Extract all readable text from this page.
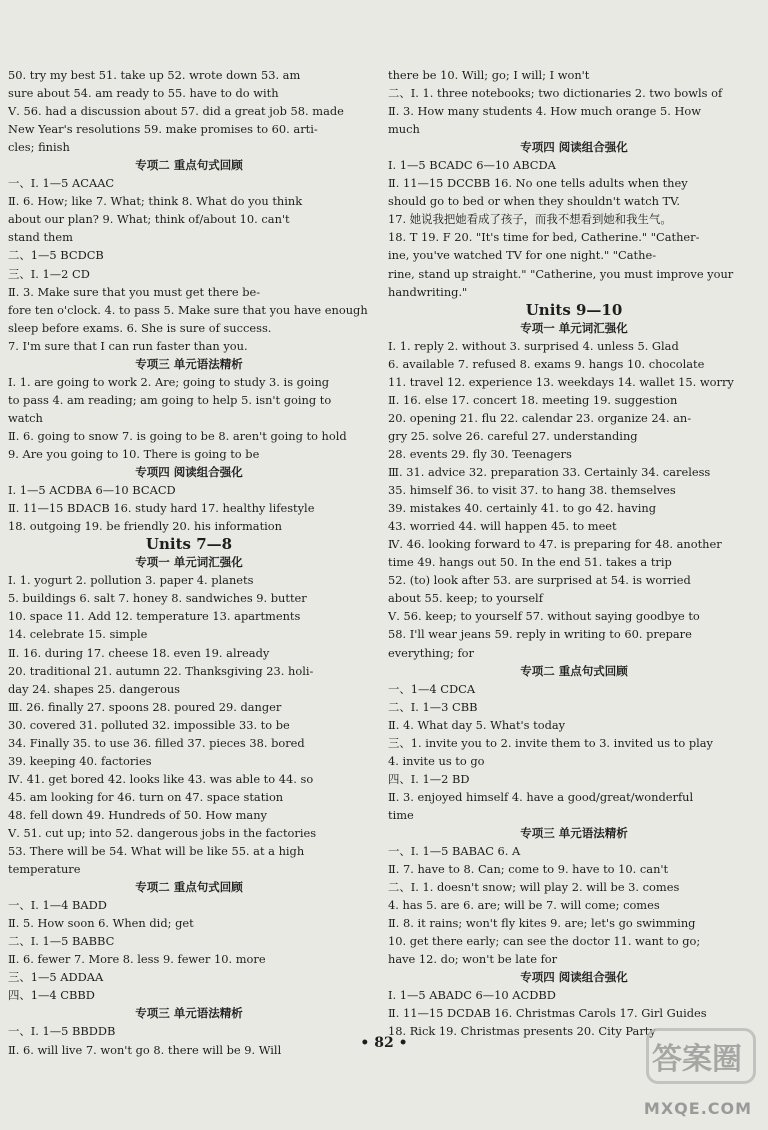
50. try my best 51. take up 52. wrote down 53. am
sure about 54. am ready to 55. have to do with
Ⅴ. 56. had a discussion about 57. did a great job 58. made
New Year's resolutions 59. make promises to 60. arti-
cles; finish
专项二 重点句式回顾
一、Ⅰ. 1—5 ACAAC
Ⅱ. 6. How; like 7. What; think 8. What do you think
about our plan? 9. What; think of/about 10. can't
stand them
二、1—5 BCDCB
三、Ⅰ. 1—2 CD
Ⅱ. 3. Make sure that you must get there be-
fore ten o'clock. 4. to pass 5. Make sure that you have enough
sleep before exams. 6. She is sure of success.
7. I'm sure that I can run faster than you.
专项三 单元语法精析
Ⅰ. 1. are going to work 2. Are; going to study 3. is going
to pass 4. am reading; am going to help 5. isn't going to
watch
Ⅱ. 6. going to snow 7. is going to be 8. aren't going to hold
9. Are you going to 10. There is going to be
专项四 阅读组合强化
Ⅰ. 1—5 ACDBA 6—10 BCACD
Ⅱ. 11—15 BDACB 16. study hard 17. healthy lifestyle
18. outgoing 19. be friendly 20. his information
Units 7—8
专项一 单元词汇强化
Ⅰ. 1. yogurt 2. pollution 3. paper 4. planets
5. buildings 6. salt 7. honey 8. sandwiches 9. butter
10. space 11. Add 12. temperature 13. apartments
14. celebrate 15. simple
Ⅱ. 16. during 17. cheese 18. even 19. already
20. traditional 21. autumn 22. Thanksgiving 23. holi-
day 24. shapes 25. dangerous
Ⅲ. 26. finally 27. spoons 28. poured 29. danger
30. covered 31. polluted 32. impossible 33. to be
34. Finally 35. to use 36. filled 37. pieces 38. bored
39. keeping 40. factories
Ⅳ. 41. get bored 42. looks like 43. was able to 44. so
45. am looking for 46. turn on 47. space station
48. fell down 49. Hundreds of 50. How many
Ⅴ. 51. cut up; into 52. dangerous jobs in the factories
53. There will be 54. What will be like 55. at a high
temperature
专项二 重点句式回顾
一、Ⅰ. 1—4 BADD
Ⅱ. 5. How soon 6. When did; get
二、Ⅰ. 1—5 BABBC
Ⅱ. 6. fewer 7. More 8. less 9. fewer 10. more
三、1—5 ADDAA
四、1—4 CBBD
专项三 单元语法精析
一、Ⅰ. 1—5 BBDDB
Ⅱ. 6. will live 7. won't go 8. there will be 9. Will
there be 10. Will; go; I will; I won't
二、Ⅰ. 1. three notebooks; two dictionaries 2. two bowls of
Ⅱ. 3. How many students 4. How much orange 5. How
much
专项四 阅读组合强化
Ⅰ. 1—5 BCADC 6—10 ABCDA
Ⅱ. 11—15 DCCBB 16. No one tells adults when they
should go to bed or when they shouldn't watch TV.
17. 她说我把她看成了孩子，而我不想看到她和我生气。
18. T 19. F 20. "It's time for bed, Catherine." "Cather-
ine, you've watched TV for one night." "Cathe-
rine, stand up straight." "Catherine, you must improve your
handwriting."
Units 9—10
专项一 单元词汇强化
Ⅰ. 1. reply 2. without 3. surprised 4. unless 5. Glad
6. available 7. refused 8. exams 9. hangs 10. chocolate
11. travel 12. experience 13. weekdays 14. wallet 15. worry
Ⅱ. 16. else 17. concert 18. meeting 19. suggestion
20. opening 21. flu 22. calendar 23. organize 24. an-
gry 25. solve 26. careful 27. understanding
28. events 29. fly 30. Teenagers
Ⅲ. 31. advice 32. preparation 33. Certainly 34. careless
35. himself 36. to visit 37. to hang 38. themselves
39. mistakes 40. certainly 41. to go 42. having
43. worried 44. will happen 45. to meet
Ⅳ. 46. looking forward to 47. is preparing for 48. another
time 49. hangs out 50. In the end 51. takes a trip
52. (to) look after 53. are surprised at 54. is worried
about 55. keep; to yourself
Ⅴ. 56. keep; to yourself 57. without saying goodbye to
58. I'll wear jeans 59. reply in writing to 60. prepare
everything; for
专项二 重点句式回顾
一、1—4 CDCA
二、Ⅰ. 1—3 CBB
Ⅱ. 4. What day 5. What's today
三、1. invite you to 2. invite them to 3. invited us to play
4. invite us to go
四、Ⅰ. 1—2 BD
Ⅱ. 3. enjoyed himself 4. have a good/great/wonderful
time
专项三 单元语法精析
一、Ⅰ. 1—5 BABAC 6. A
Ⅱ. 7. have to 8. Can; come to 9. have to 10. can't
二、Ⅰ. 1. doesn't snow; will play 2. will be 3. comes
4. has 5. are 6. are; will be 7. will come; comes
Ⅱ. 8. it rains; won't fly kites 9. are; let's go swimming
10. get there early; can see the doctor 11. want to go;
have 12. do; won't be late for
专项四 阅读组合强化
Ⅰ. 1—5 ABADC 6—10 ACDBD
Ⅱ. 11—15 DCDAB 16. Christmas Carols 17. Girl Guides
18. Rick 19. Christmas presents 20. City Party
• 82 •	答案圈
MXQE.COM
